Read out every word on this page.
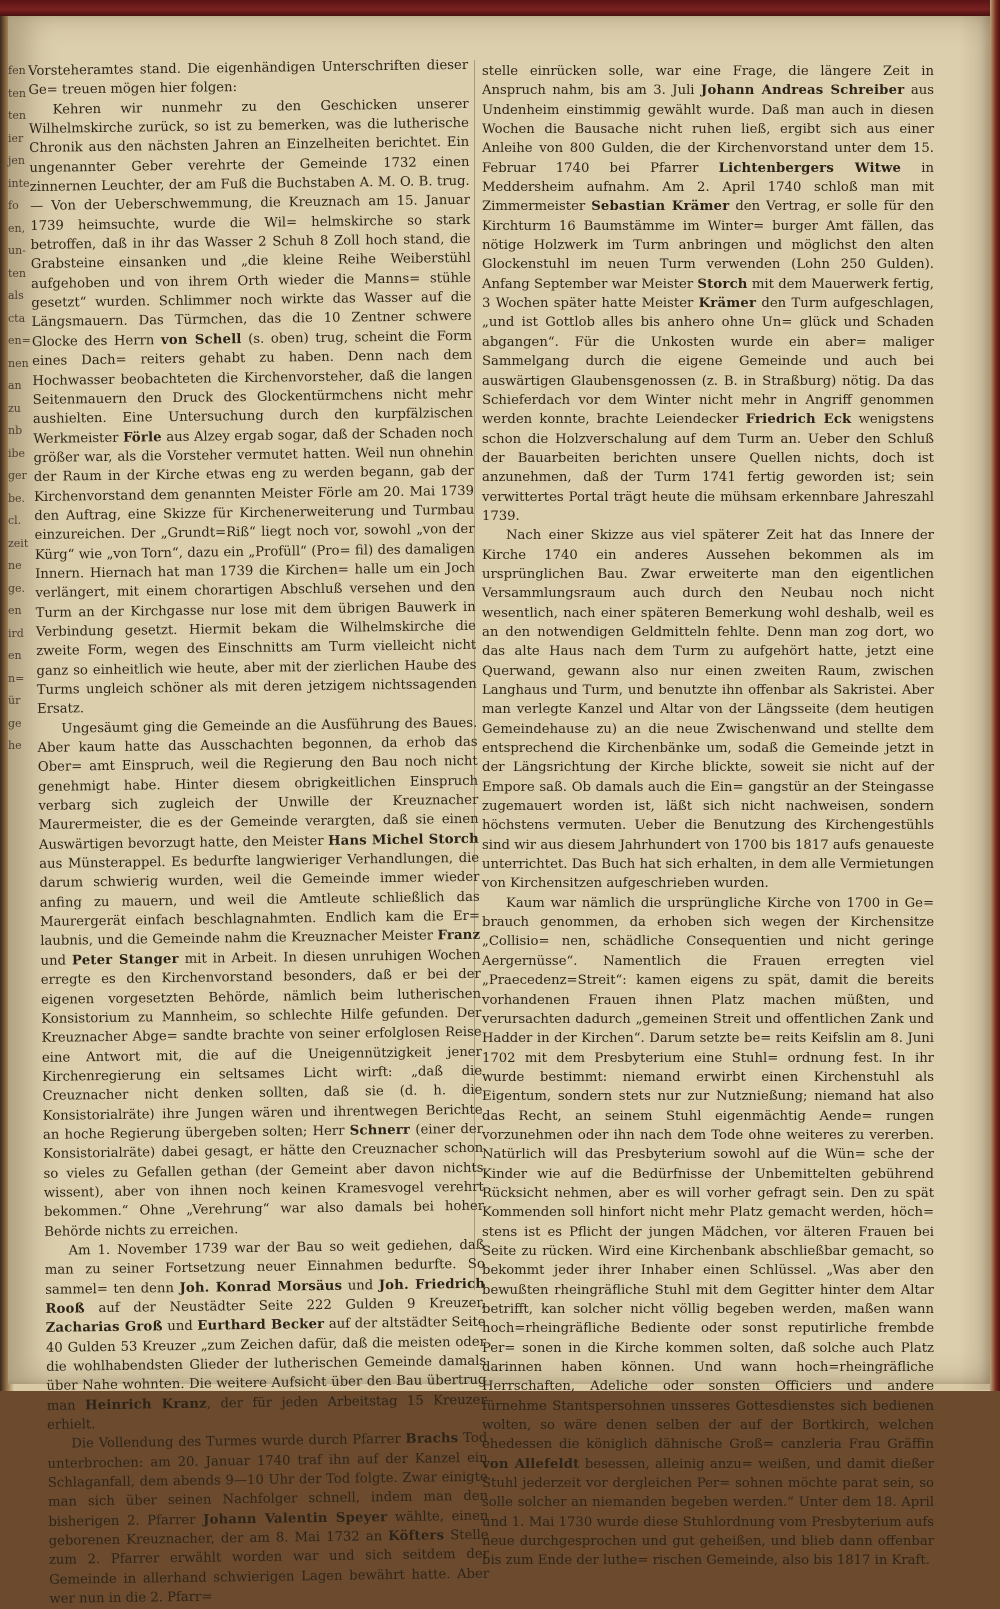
fen
ten
ten
ier
jen
inte
fo
en,
un-
ten
als
cta
en=
nen
an
zu
nb
ibe
ger
be.
cl.
zeit
ne
ge.
en
ird
en
n=
ür
ge
he

Vorsteheramtes stand. Die eigenhändigen Unterschriften dieser Ge= treuen mögen hier folgen:

Kehren wir nunmehr zu den Geschicken unserer Wilhelmskirche zurück, so ist zu bemerken, was die lutherische Chronik aus den nächsten Jahren an Einzelheiten berichtet. Ein ungenannter Geber verehrte der Gemeinde 1732 einen zinnernen Leuchter, der am Fuß die Buchstaben A. M. O. B. trug. — Von der Ueberschwemmung, die Kreuznach am 15. Januar 1739 heimsuchte, wurde die Wil= helmskirche so stark betroffen, daß in ihr das Wasser 2 Schuh 8 Zoll hoch stand, die Grabsteine einsanken und „die kleine Reihe Weiberstühl aufgehoben und von ihrem Orth wieder die Manns= stühle gesetzt“ wurden. Schlimmer noch wirkte das Wasser auf die Längsmauern. Das Türmchen, das die 10 Zentner schwere Glocke des Herrn von Schell (s. oben) trug, scheint die Form eines Dach= reiters gehabt zu haben. Denn nach dem Hochwasser beobachteten die Kirchenvorsteher, daß die langen Seitenmauern den Druck des Glockentürmchens nicht mehr aushielten. Eine Untersuchung durch den kurpfälzischen Werkmeister Förle aus Alzey ergab sogar, daß der Schaden noch größer war, als die Vorsteher vermutet hatten. Weil nun ohnehin der Raum in der Kirche etwas eng zu werden begann, gab der Kirchenvorstand dem genannten Meister Förle am 20. Mai 1739 den Auftrag, eine Skizze für Kirchenerweiterung und Turmbau einzureichen. Der „Grundt=Riß“ liegt noch vor, sowohl „von der Kürg“ wie „von Torn“, dazu ein „Profüll“ (Pro= fil) des damaligen Innern. Hiernach hat man 1739 die Kirchen= halle um ein Joch verlängert, mit einem chorartigen Abschluß versehen und den Turm an der Kirchgasse nur lose mit dem übrigen Bauwerk in Verbindung gesetzt. Hiermit bekam die Wilhelmskirche die zweite Form, wegen des Einschnitts am Turm vielleicht nicht ganz so einheitlich wie heute, aber mit der zierlichen Haube des Turms ungleich schöner als mit deren jetzigem nichtssagenden Ersatz.

Ungesäumt ging die Gemeinde an die Ausführung des Baues. Aber kaum hatte das Ausschachten begonnen, da erhob das Ober= amt Einspruch, weil die Regierung den Bau noch nicht genehmigt habe. Hinter diesem obrigkeitlichen Einspruch verbarg sich zugleich der Unwille der Kreuznacher Maurermeister, die es der Gemeinde verargten, daß sie einen Auswärtigen bevorzugt hatte, den Meister Hans Michel Storch aus Münsterappel. Es bedurfte langwieriger Verhandlungen, die darum schwierig wurden, weil die Gemeinde immer wieder anfing zu mauern, und weil die Amtleute schließlich das Maurergerät einfach beschlagnahmten. Endlich kam die Er= laubnis, und die Gemeinde nahm die Kreuznacher Meister Franz und Peter Stanger mit in Arbeit. In diesen unruhigen Wochen erregte es den Kirchenvorstand besonders, daß er bei der eigenen vorgesetzten Behörde, nämlich beim lutherischen Konsistorium zu Mannheim, so schlechte Hilfe gefunden. Der Kreuznacher Abge= sandte brachte von seiner erfolglosen Reise eine Antwort mit, die auf die Uneigennützigkeit jener Kirchenregierung ein seltsames Licht wirft: „daß die Creuznacher nicht denken sollten, daß sie (d. h. die Konsistorialräte) ihre Jungen wären und ihrentwegen Berichte an hoche Regierung übergeben solten; Herr Schnerr (einer der Konsistorialräte) dabei gesagt, er hätte den Creuznacher schon so vieles zu Gefallen gethan (der Gemeint aber davon nichts wissent), aber von ihnen noch keinen Kramesvogel verehrt bekommen.“ Ohne „Verehrung“ war also damals bei hoher Behörde nichts zu erreichen.

Am 1. November 1739 war der Bau so weit gediehen, daß man zu seiner Fortsetzung neuer Einnahmen bedurfte. So sammel= ten denn Joh. Konrad Morsäus und Joh. Friedrich Rooß auf der Neustädter Seite 222 Gulden 9 Kreuzer, Zacharias Groß und Eurthard Becker auf der altstädter Seite 40 Gulden 53 Kreuzer „zum Zeichen dafür, daß die meisten oder die wohlhabendsten Glieder der lutherischen Gemeinde damals über Nahe wohnten. Die weitere Aufsicht über den Bau übertrug man Heinrich Kranz, der für jeden Arbeitstag 15 Kreuzer erhielt.

Die Vollendung des Turmes wurde durch Pfarrer Brachs Tod unterbrochen: am 20. Januar 1740 traf ihn auf der Kanzel ein Schlaganfall, dem abends 9—10 Uhr der Tod folgte. Zwar einigte man sich über seinen Nachfolger schnell, indem man den bisherigen 2. Pfarrer Johann Valentin Speyer wählte, einen geborenen Kreuznacher, der am 8. Mai 1732 an Köfters Stelle zum 2. Pfarrer erwählt worden war und sich seitdem der Gemeinde in allerhand schwierigen Lagen bewährt hatte. Aber wer nun in die 2. Pfarr=

stelle einrücken solle, war eine Frage, die längere Zeit in Anspruch nahm, bis am 3. Juli Johann Andreas Schreiber aus Undenheim einstimmig gewählt wurde. Daß man auch in diesen Wochen die Bausache nicht ruhen ließ, ergibt sich aus einer Anleihe von 800 Gulden, die der Kirchenvorstand unter dem 15. Februar 1740 bei Pfarrer Lichtenbergers Witwe in Meddersheim aufnahm. Am 2. April 1740 schloß man mit Zimmermeister Sebastian Krämer den Vertrag, er solle für den Kirchturm 16 Baumstämme im Winter= burger Amt fällen, das nötige Holzwerk im Turm anbringen und möglichst den alten Glockenstuhl im neuen Turm verwenden (Lohn 250 Gulden). Anfang September war Meister Storch mit dem Mauerwerk fertig, 3 Wochen später hatte Meister Krämer den Turm aufgeschlagen, „und ist Gottlob alles bis anhero ohne Un= glück und Schaden abgangen“. Für die Unkosten wurde ein aber= maliger Sammelgang durch die eigene Gemeinde und auch bei auswärtigen Glaubensgenossen (z. B. in Straßburg) nötig. Da das Schieferdach vor dem Winter nicht mehr in Angriff genommen werden konnte, brachte Leiendecker Friedrich Eck wenigstens schon die Holzverschalung auf dem Turm an. Ueber den Schluß der Bauarbeiten berichten unsere Quellen nichts, doch ist anzunehmen, daß der Turm 1741 fertig geworden ist; sein verwittertes Portal trägt heute die mühsam erkennbare Jahreszahl 1739.

Nach einer Skizze aus viel späterer Zeit hat das Innere der Kirche 1740 ein anderes Aussehen bekommen als im ursprünglichen Bau. Zwar erweiterte man den eigentlichen Versammlungsraum auch durch den Neubau noch nicht wesentlich, nach einer späteren Bemerkung wohl deshalb, weil es an den notwendigen Geldmitteln fehlte. Denn man zog dort, wo das alte Haus nach dem Turm zu aufgehört hatte, jetzt eine Querwand, gewann also nur einen zweiten Raum, zwischen Langhaus und Turm, und benutzte ihn offenbar als Sakristei. Aber man verlegte Kanzel und Altar von der Längsseite (dem heutigen Gemeindehause zu) an die neue Zwischenwand und stellte dem entsprechend die Kirchenbänke um, sodaß die Gemeinde jetzt in der Längsrichtung der Kirche blickte, soweit sie nicht auf der Empore saß. Ob damals auch die Ein= gangstür an der Steingasse zugemauert worden ist, läßt sich nicht nachweisen, sondern höchstens vermuten. Ueber die Benutzung des Kirchengestühls sind wir aus diesem Jahrhundert von 1700 bis 1817 aufs genaueste unterrichtet. Das Buch hat sich erhalten, in dem alle Vermietungen von Kirchensitzen aufgeschrieben wurden.

Kaum war nämlich die ursprüngliche Kirche von 1700 in Ge= brauch genommen, da erhoben sich wegen der Kirchensitze „Collisio= nen, schädliche Consequentien und nicht geringe Aergernüsse“. Namentlich die Frauen erregten viel „Praecedenz=Streit“: kamen eigens zu spät, damit die bereits vorhandenen Frauen ihnen Platz machen müßten, und verursachten dadurch „gemeinen Streit und offentlichen Zank und Hadder in der Kirchen“. Darum setzte be= reits Keifslin am 8. Juni 1702 mit dem Presbyterium eine Stuhl= ordnung fest. In ihr wurde bestimmt: niemand erwirbt einen Kirchenstuhl als Eigentum, sondern stets nur zur Nutznießung; niemand hat also das Recht, an seinem Stuhl eigenmächtig Aende= rungen vorzunehmen oder ihn nach dem Tode ohne weiteres zu vererben. Natürlich will das Presbyterium sowohl auf die Wün= sche der Kinder wie auf die Bedürfnisse der Unbemittelten gebührend Rücksicht nehmen, aber es will vorher gefragt sein. Den zu spät Kommenden soll hinfort nicht mehr Platz gemacht werden, höch= stens ist es Pflicht der jungen Mädchen, vor älteren Frauen bei Seite zu rücken. Wird eine Kirchenbank abschließbar gemacht, so bekommt jeder ihrer Inhaber einen Schlüssel. „Was aber den bewußten rheingräfliche Stuhl mit dem Gegitter hinter dem Altar betrifft, kan solcher nicht völlig begeben werden, maßen wann hoch=rheingräfliche Bediente oder sonst reputirliche frembde Per= sonen in die Kirche kommen solten, daß solche auch Platz darinnen haben können. Und wann hoch=rheingräfliche Herrschaften, Adeliche oder sonsten Officiers und andere fürnehme Stantspersohnen unsseres Gottesdienstes sich bedienen wolten, so wäre denen selben der auf der Bortkirch, welchen ehedessen die königlich dähnische Groß= canzleria Frau Gräffin von Allefeldt besessen, alleinig anzu= weißen, und damit dießer Stuhl jederzeit vor dergleichen Per= sohnen möchte parat sein, so solle solcher an niemanden begeben werden.“ Unter dem 18. April und 1. Mai 1730 wurde diese Stuhlordnung vom Presbyterium aufs neue durchgesprochen und gut geheißen, und blieb dann offenbar bis zum Ende der luthe= rischen Gemeinde, also bis 1817 in Kraft.
